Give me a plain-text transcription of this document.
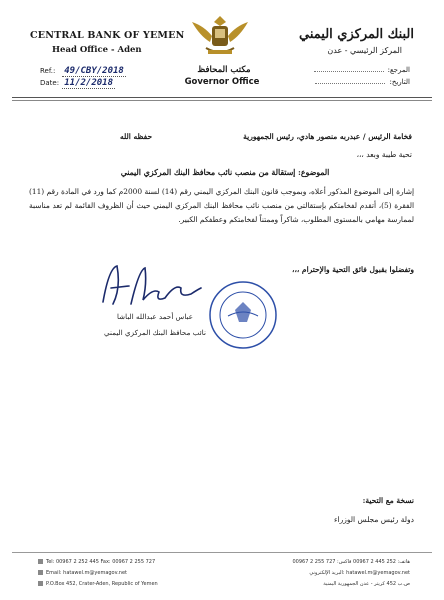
CENTRAL BANK OF YEMEN
Head Office - Aden
Ref.: 49/CBY/2018
Date: 11/2/2018
مكتب المحافظ
Governor Office
البنك المركزي اليمني
المركز الرئيسي - عدن
المرجع:
التاريخ:
فخامة الرئيس / عبدربه منصور هادي، رئيس الجمهورية
حفظه الله
تحية طيبة وبعد ،،،
الموضوع: إستقالة من منصب نائب محافظ البنك المركزي اليمني
إشارة إلى الموضوع المذكور أعلاه، وبموجب قانون البنك المركزي اليمني رقم (14) لسنة 2000م كما ورد في المادة رقم (11) الفقرة (5)، أتقدم لفخامتكم بإستقالتي من منصب نائب محافظ البنك المركزي اليمني حيث أن الظروف القائمة لم تعد مناسبة لممارسة مهامي بالمستوى المطلوب، شاكراً وممتناً لفخامتكم وعطفكم الكبير.
وتفضلوا بقبول فائق التحية والإحترام ،،،
عباس أحمد عبدالله الباشا
نائب محافظ البنك المركزي اليمني
نسخة مع التحية:
دولة رئيس مجلس الوزراء
Tel: 00967 2 252 445 Fax: 00967 2 255 727
Email: hatawel.m@yemagov.net
P.O.Box 452, Crater-Aden, Republic of Yemen
هاتف: 252 445 2 00967 فاكس: 727 255 2 00967
hatawel.m@yemagov.net :البريد الإلكتروني
ص.ب 452 كريتر - عدن الجمهورية اليمنية
